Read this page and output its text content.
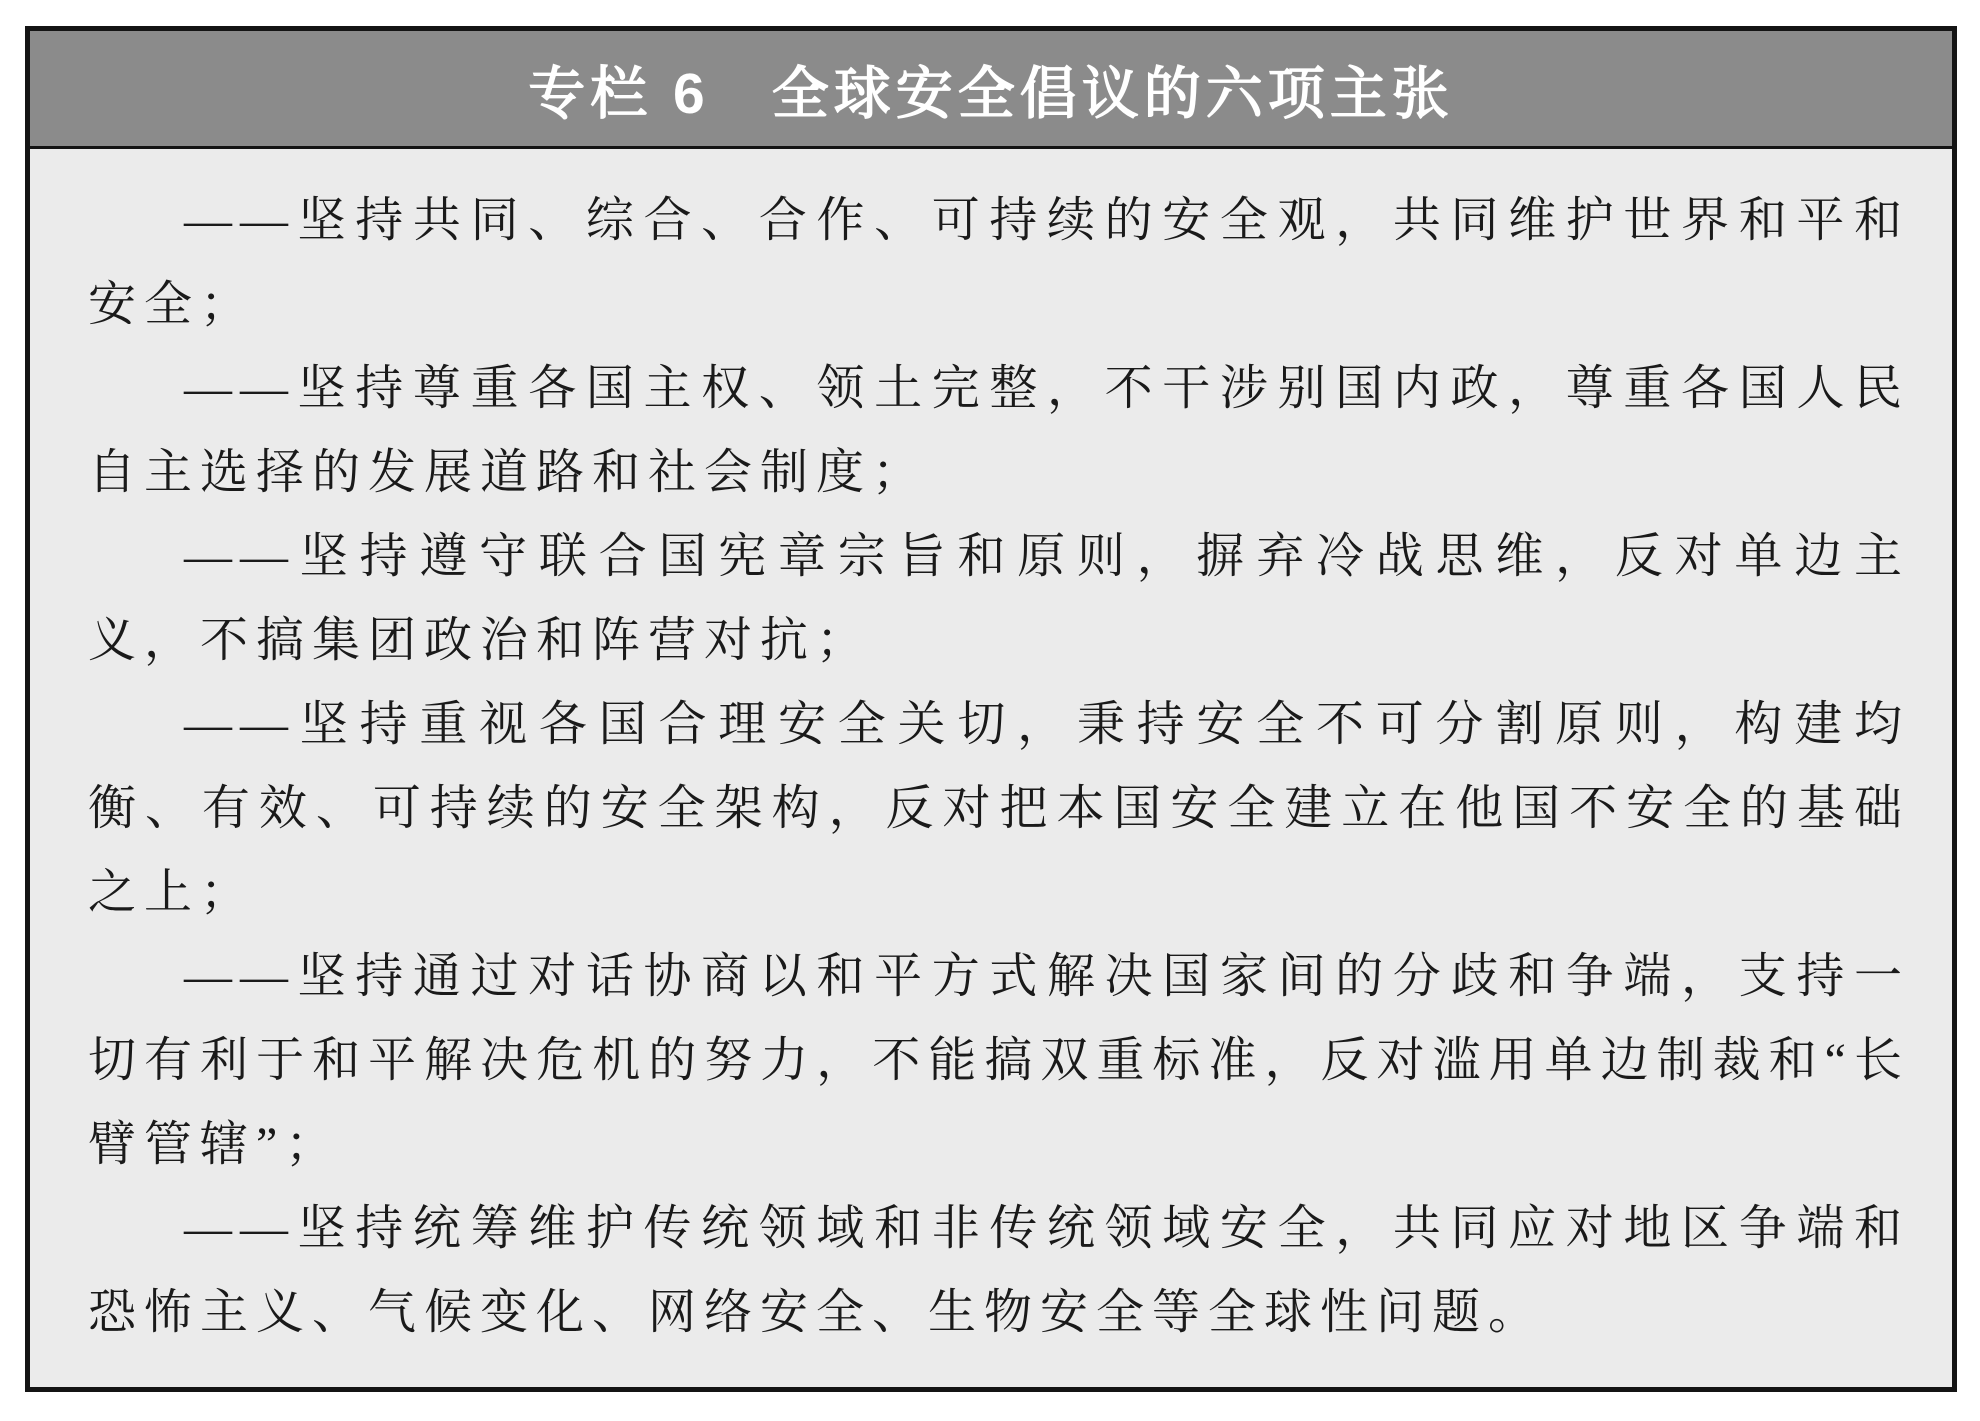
专栏 6　全球安全倡议的六项主张

——坚持共同、综合、合作、可持续的安全观，共同维护世界和平和安全；

——坚持尊重各国主权、领土完整，不干涉别国内政，尊重各国人民自主选择的发展道路和社会制度；

——坚持遵守联合国宪章宗旨和原则，摒弃冷战思维，反对单边主义，不搞集团政治和阵营对抗；

——坚持重视各国合理安全关切，秉持安全不可分割原则，构建均衡、有效、可持续的安全架构，反对把本国安全建立在他国不安全的基础之上；

——坚持通过对话协商以和平方式解决国家间的分歧和争端，支持一切有利于和平解决危机的努力，不能搞双重标准，反对滥用单边制裁和“长臂管辖”；

——坚持统筹维护传统领域和非传统领域安全，共同应对地区争端和恐怖主义、气候变化、网络安全、生物安全等全球性问题。
